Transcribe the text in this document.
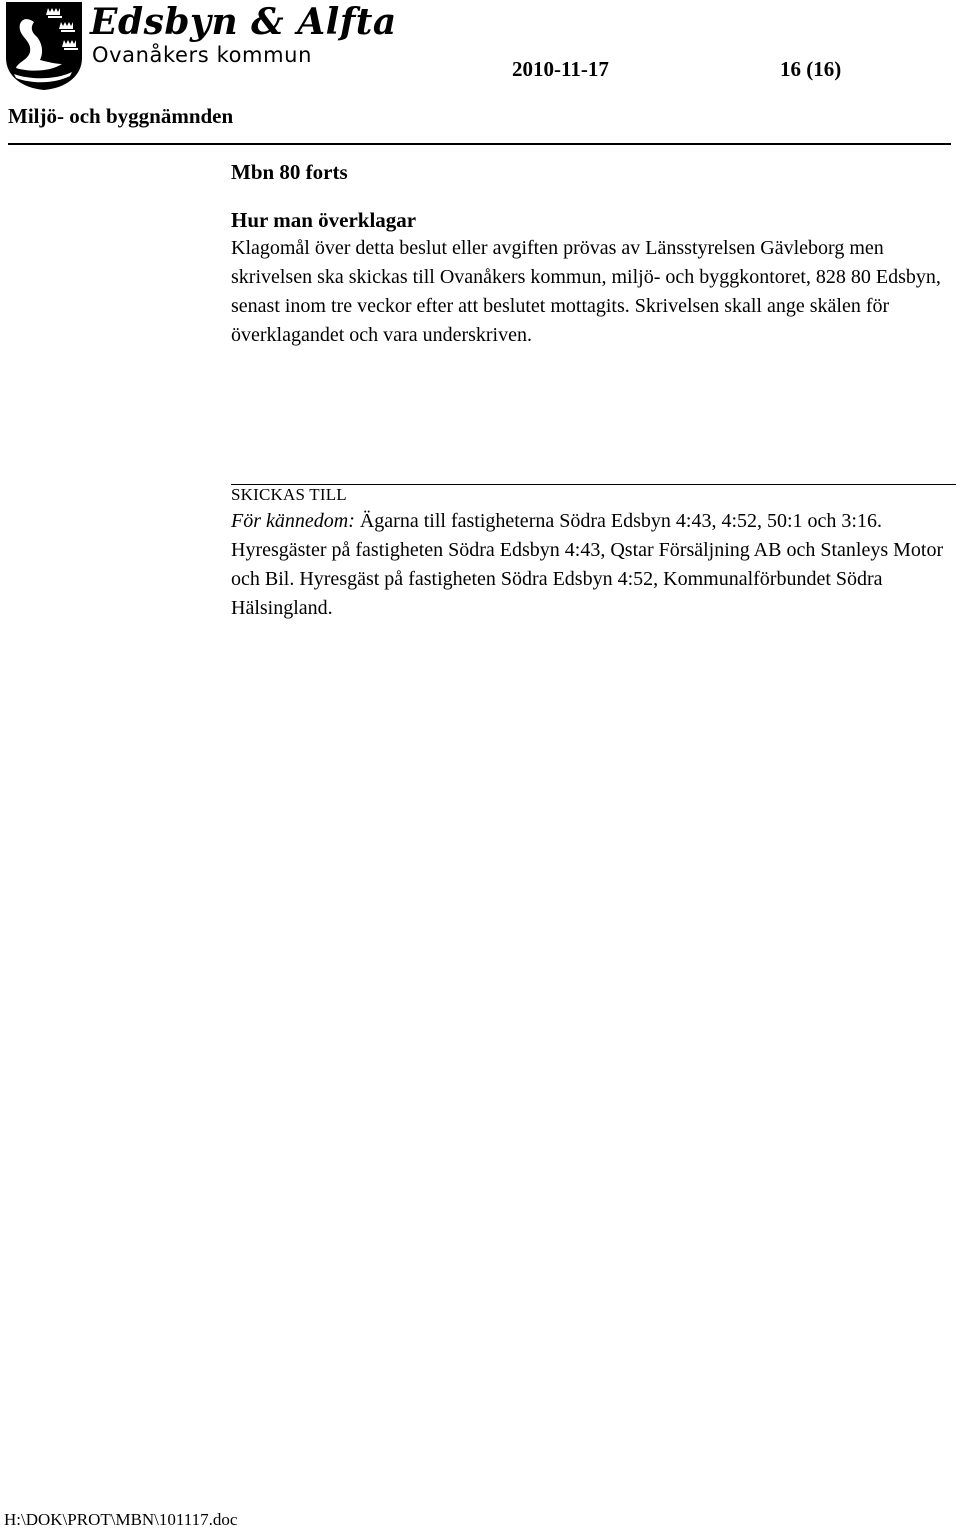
Edsbyn & Alfta
Ovanåkers kommun
2010-11-17	16 (16)
Miljö- och byggnämnden

Mbn 80 forts

Hur man överklagar

Klagomål över detta beslut eller avgiften prövas av Länsstyrelsen Gävleborg men skrivelsen ska skickas till Ovanåkers kommun, miljö- och byggkontoret, 828 80 Edsbyn, senast inom tre veckor efter att beslutet mottagits. Skrivelsen skall ange skälen för överklagandet och vara underskriven.

SKICKAS TILL

För kännedom: Ägarna till fastigheterna Södra Edsbyn 4:43, 4:52, 50:1 och 3:16. Hyresgäster på fastigheten Södra Edsbyn 4:43, Qstar Försäljning AB och Stanleys Motor och Bil. Hyresgäst på fastigheten Södra Edsbyn 4:52, Kommunalförbundet Södra Hälsingland.

H:\DOK\PROT\MBN\101117.doc
